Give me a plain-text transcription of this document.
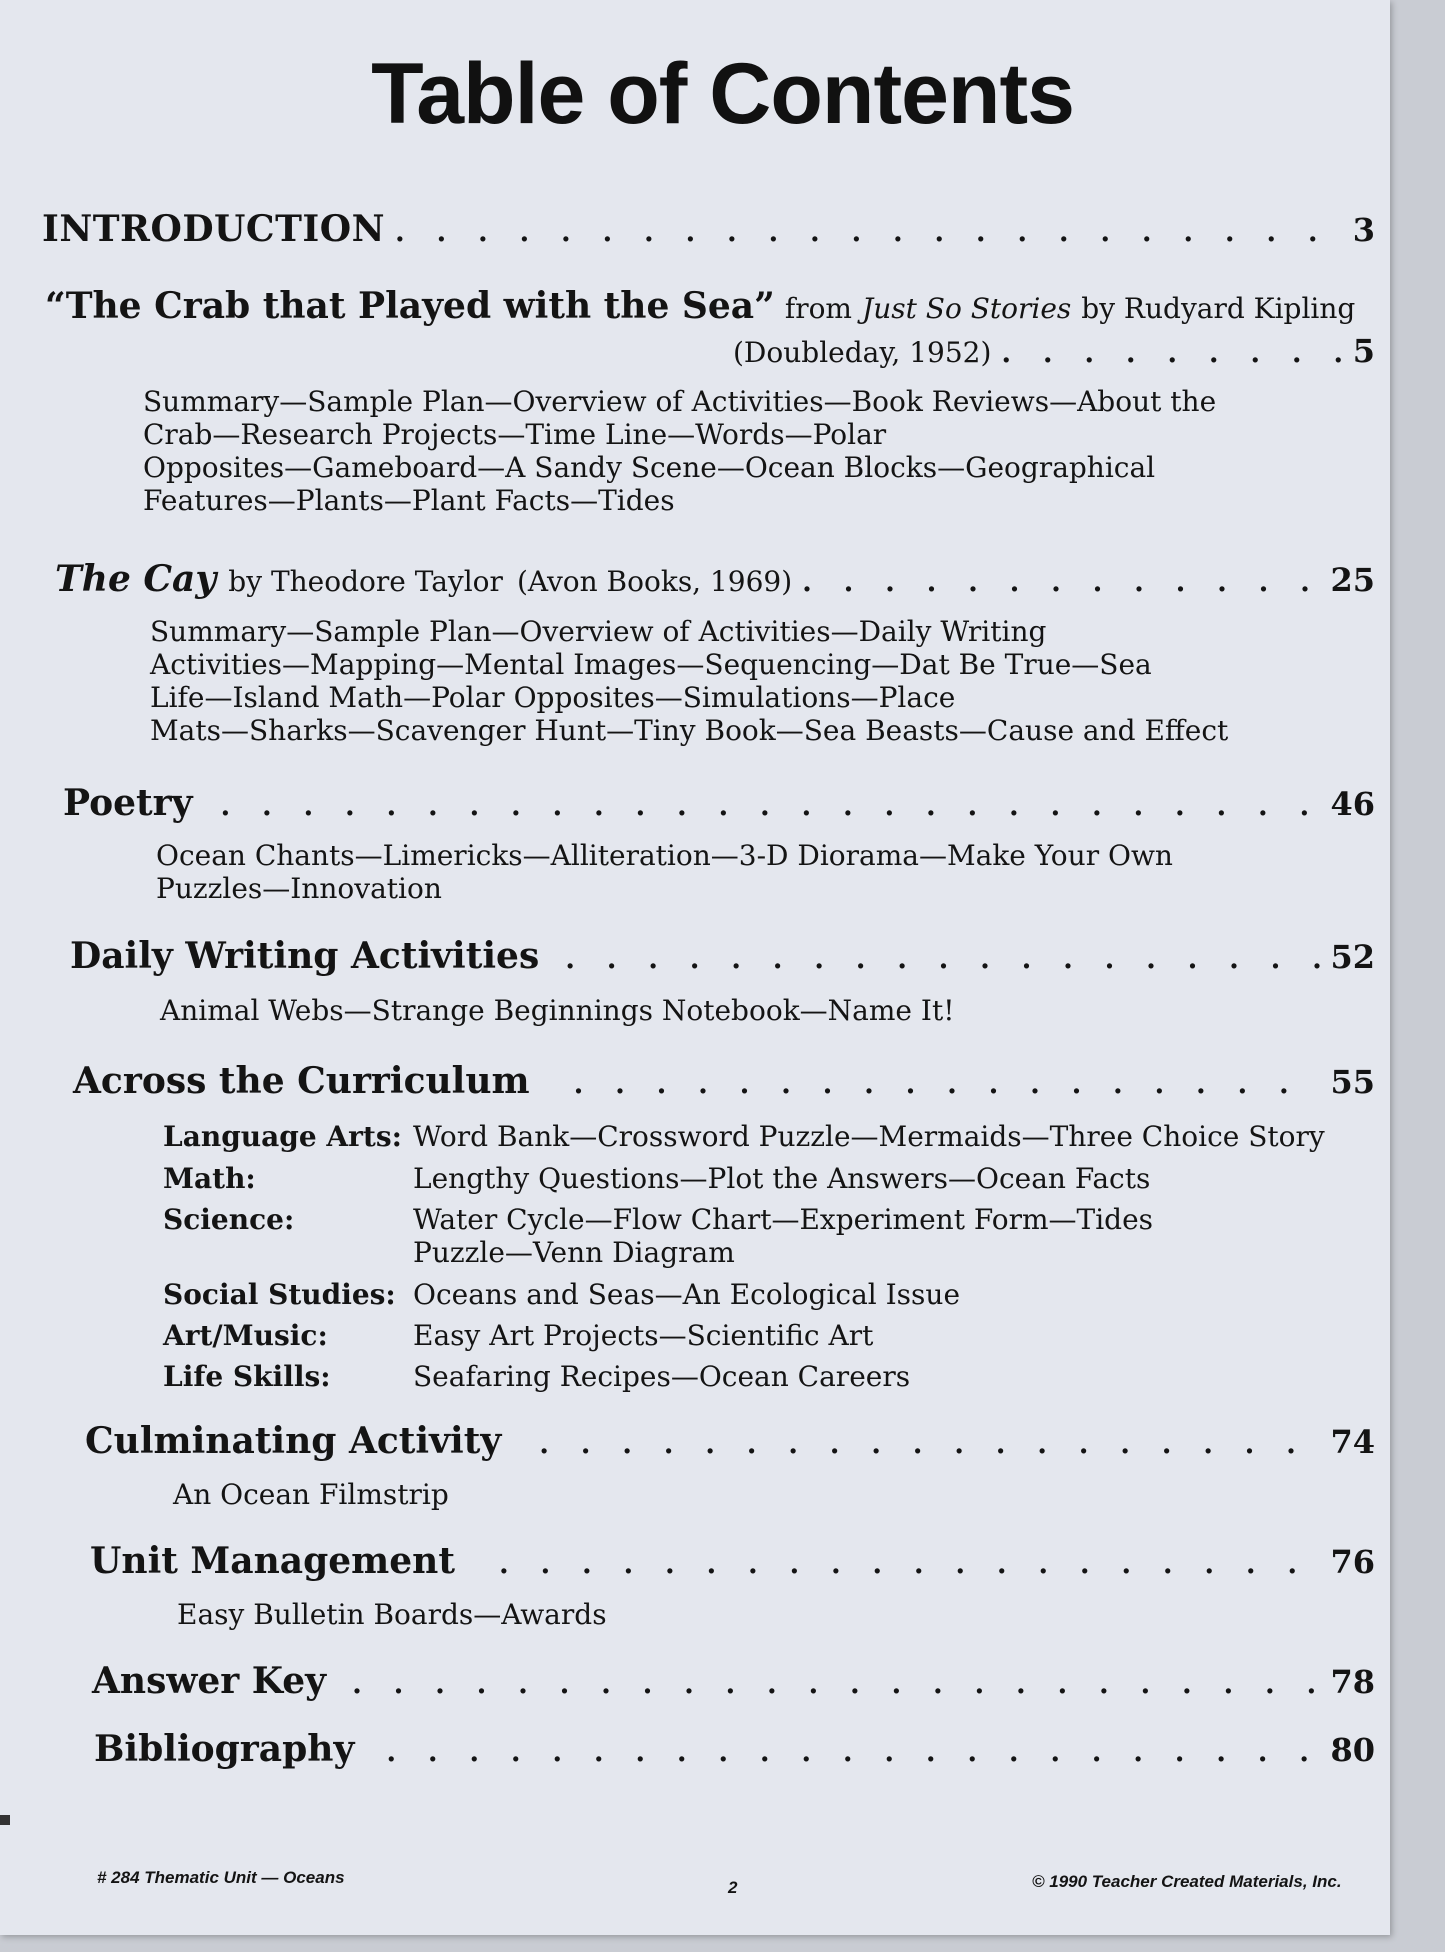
Table of Contents
INTRODUCTION . . .	3
“The Crab that Played with the Sea” from Just So Stories by Rudyard Kipling
(Doubleday, 1952) . . .	5
Summary—Sample Plan—Overview of Activities—Book Reviews—About the
Crab—Research Projects—Time Line—Words—Polar
Opposites—Gameboard—A Sandy Scene—Ocean Blocks—Geographical
Features—Plants—Plant Facts—Tides
The Cay by Theodore Taylor (Avon Books, 1969) . . .	25
Summary—Sample Plan—Overview of Activities—Daily Writing
Activities—Mapping—Mental Images—Sequencing—Dat Be True—Sea
Life—Island Math—Polar Opposites—Simulations—Place
Mats—Sharks—Scavenger Hunt—Tiny Book—Sea Beasts—Cause and Effect
Poetry . . .	46
Ocean Chants—Limericks—Alliteration—3-D Diorama—Make Your Own
Puzzles—Innovation
Daily Writing Activities . . .	52
Animal Webs—Strange Beginnings Notebook—Name It!
Across the Curriculum . . .	55
Language Arts: Word Bank—Crossword Puzzle—Mermaids—Three Choice Story
Math:	Lengthy Questions—Plot the Answers—Ocean Facts
Science:	Water Cycle—Flow Chart—Experiment Form—Tides Puzzle—Venn Diagram
Social Studies: Oceans and Seas—An Ecological Issue
Art/Music:	Easy Art Projects—Scientific Art
Life Skills:	Seafaring Recipes—Ocean Careers
Culminating Activity . . .	74
An Ocean Filmstrip
Unit Management . . .	76
Easy Bulletin Boards—Awards
Answer Key . . .	78
Bibliography . . .	80
# 284 Thematic Unit — Oceans
2	© 1990 Teacher Created Materials, Inc.
